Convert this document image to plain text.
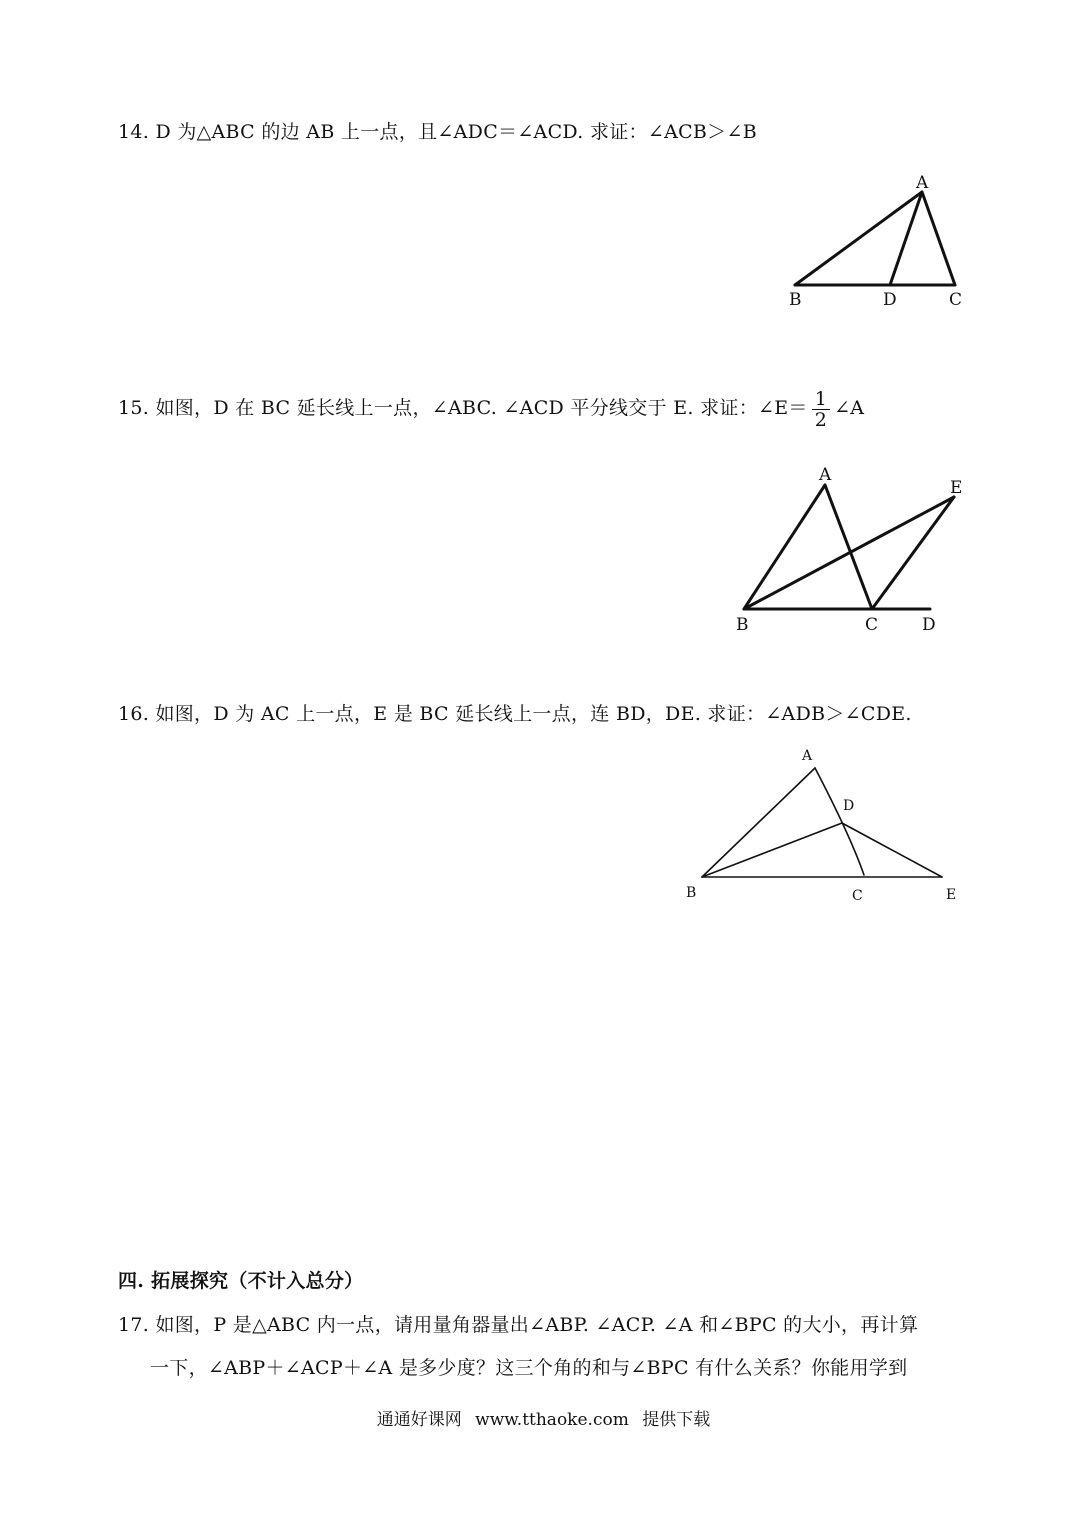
14. D 为△ABC 的边 AB 上一点，且∠ADC＝∠ACD. 求证：∠ACB＞∠B
A
B	D	C
15. 如图，D 在 BC 延长线上一点，∠ABC. ∠ACD 平分线交于 E. 求证：∠E＝ $\frac{1}{2}$ ∠A
A
E
B	C	D
16. 如图，D 为 AC 上一点，E 是 BC 延长线上一点，连 BD，DE. 求证：∠ADB＞∠CDE.
A
D
B	C	E
四. 拓展探究（不计入总分）
17. 如图，P 是△ABC 内一点，请用量角器量出∠ABP. ∠ACP. ∠A 和∠BPC 的大小，再计算
一下，∠ABP＋∠ACP＋∠A 是多少度？这三个角的和与∠BPC 有什么关系？你能用学到
通通好课网 www.tthaoke.com 提供下载
